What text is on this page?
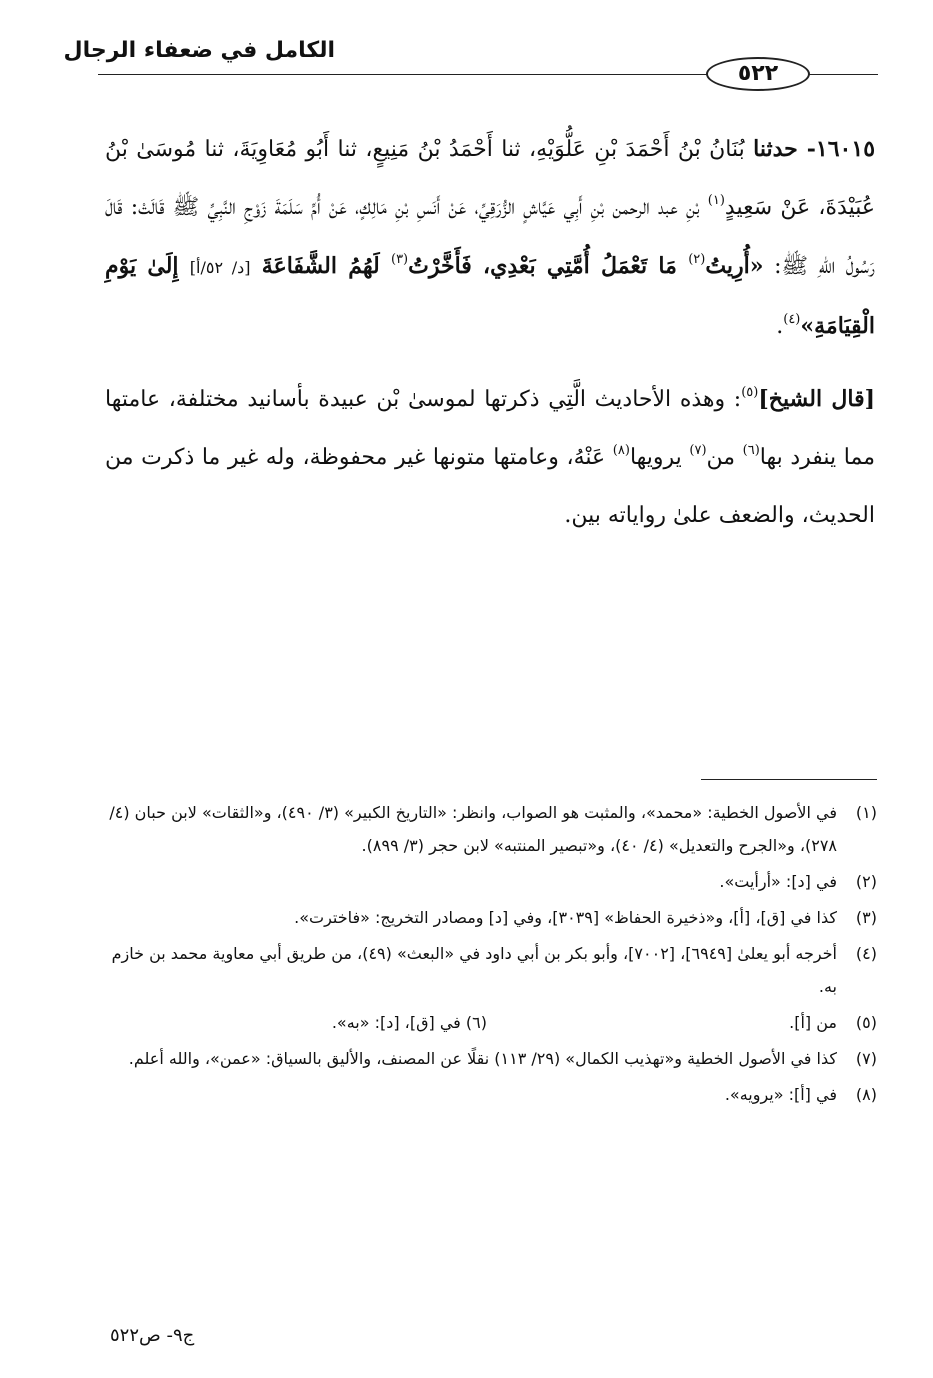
الكامل في ضعفاء الرجال
٥٢٢

١٦٠١٥- حدثنا بُنَانُ بْنُ أَحْمَدَ بْنِ عَلُّوَيْهِ، ثنا أَحْمَدُ بْنُ مَنِيعٍ، ثنا أَبُو مُعَاوِيَةَ، ثنا مُوسَىٰ بْنُ عُبَيْدَةَ، عَنْ سَعِيدٍ$^{(١)}$ بْنِ عبد الرحمن بْنِ أَبِي عَيَّاشٍ الزُّرَقِيِّ، عَنْ أَنَسِ بْنِ مَالِكٍ، عَنْ أُمِّ سَلَمَةَ زَوْجِ النَّبِيِّ ﷺ قَالَتْ: قَالَ رَسُولُ اللهِ ﷺ: «أُرِيتُ$^{(٢)}$ مَا تَعْمَلُ أُمَّتِي بَعْدِي، فَأَخَّرْتُ$^{(٣)}$ لَهُمُ الشَّفَاعَةَ [د/ ٥٢/أ] إِلَىٰ يَوْمِ الْقِيَامَةِ»$^{(٤)}$.

[قال الشيخ]$^{(٥)}$: وهذه الأحاديث الَّتِي ذكرتها لموسىٰ بْن عبيدة بأسانيد مختلفة، عامتها مما ينفرد بها$^{(٦)}$ من$^{(٧)}$ يرويها$^{(٨)}$ عَنْهُ، وعامتها متونها غير محفوظة، وله غير ما ذكرت من الحديث، والضعف علىٰ رواياته بين.

(١)
في الأصول الخطية: «محمد»، والمثبت هو الصواب، وانظر: «التاريخ الكبير» (٣/ ٤٩٠)، و«الثقات» لابن حبان (٤/ ٢٧٨)، و«الجرح والتعديل» (٤/ ٤٠)، و«تبصير المنتبه» لابن حجر (٣/ ٨٩٩).
(٢)
في [د]: «أرأيت».
(٣)
كذا في [ق]، [أ]، و«ذخيرة الحفاظ» [٣٠٣٩]، وفي [د] ومصادر التخريج: «فاخترت».
(٤)
أخرجه أبو يعلىٰ [٦٩٤٩]، [٧٠٠٢]، وأبو بكر بن أبي داود في «البعث» (٤٩)، من طريق أبي معاوية محمد بن خازم به.
(٥)
من [أ].
(٦) في [ق]، [د]: «به».
(٧)
كذا في الأصول الخطية و«تهذيب الكمال» (٢٩/ ١١٣) نقلًا عن المصنف، والأليق بالسياق: «عمن»، والله أعلم.
(٨)
في [أ]: «يرويه».
ج٩- ص٥٢٢
